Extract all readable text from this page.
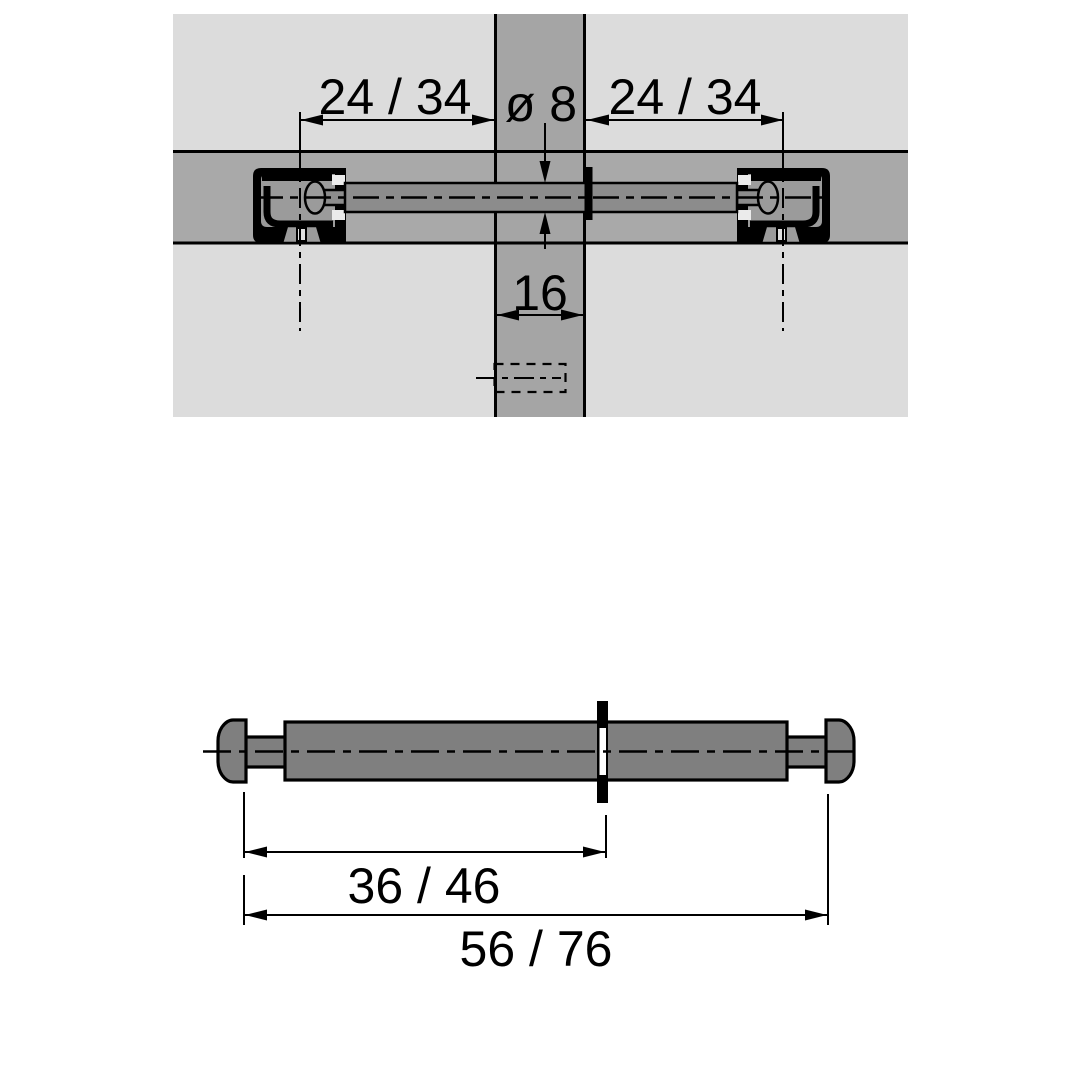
24 / 34 ø 8 24 / 34
16
36 / 46
56 / 76
